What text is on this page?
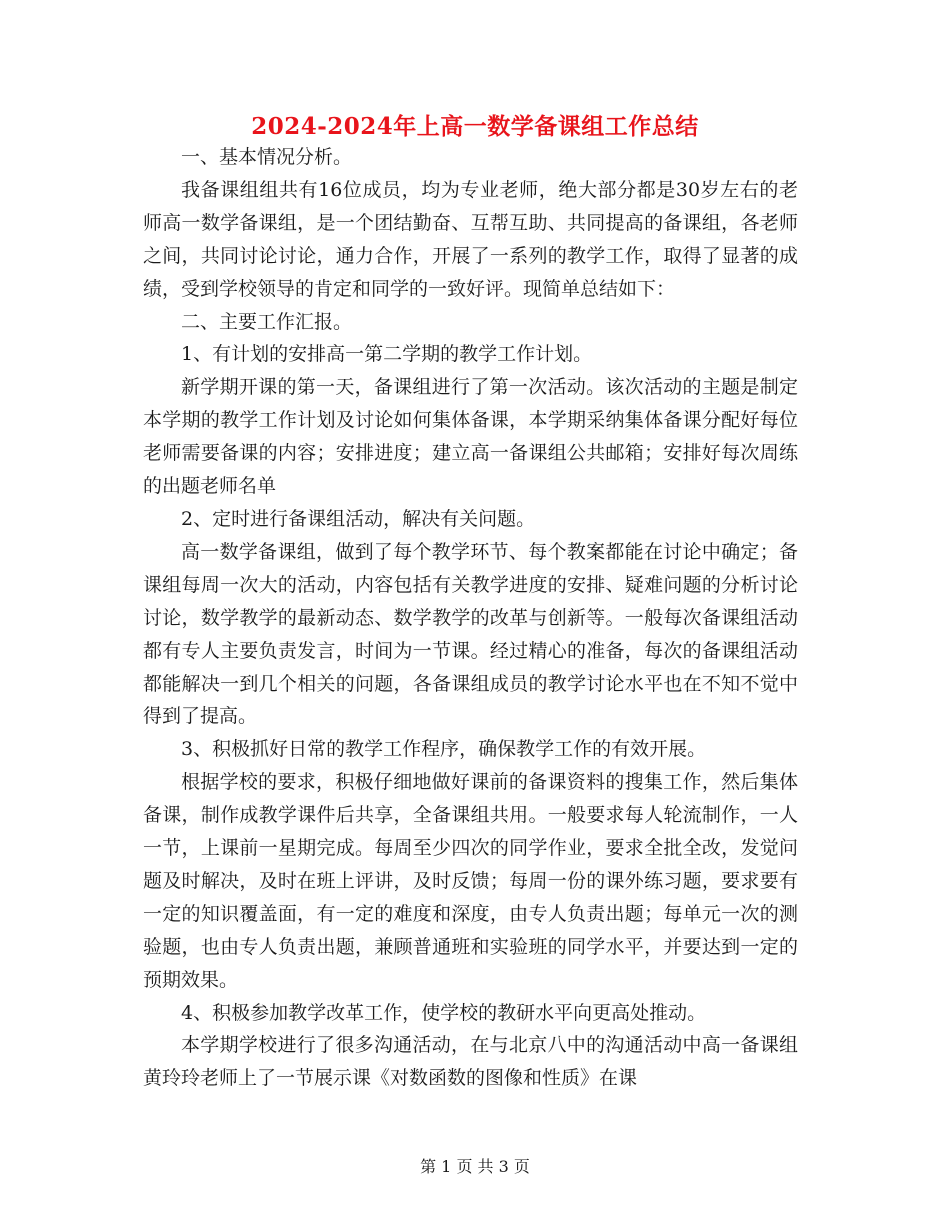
2024-2024年上高一数学备课组工作总结

一、基本情况分析。

我备课组组共有16位成员，均为专业老师，绝大部分都是30岁左右的老师高一数学备课组，是一个团结勤奋、互帮互助、共同提高的备课组，各老师之间，共同讨论讨论，通力合作，开展了一系列的教学工作，取得了显著的成绩，受到学校领导的肯定和同学的一致好评。现简单总结如下：

二、主要工作汇报。

1、有计划的安排高一第二学期的教学工作计划。

新学期开课的第一天，备课组进行了第一次活动。该次活动的主题是制定本学期的教学工作计划及讨论如何集体备课，本学期采纳集体备课分配好每位老师需要备课的内容；安排进度；建立高一备课组公共邮箱；安排好每次周练的出题老师名单

2、定时进行备课组活动，解决有关问题。

高一数学备课组，做到了每个教学环节、每个教案都能在讨论中确定；备课组每周一次大的活动，内容包括有关教学进度的安排、疑难问题的分析讨论讨论，数学教学的最新动态、数学教学的改革与创新等。一般每次备课组活动都有专人主要负责发言，时间为一节课。经过精心的准备，每次的备课组活动都能解决一到几个相关的问题，各备课组成员的教学讨论水平也在不知不觉中得到了提高。

3、积极抓好日常的教学工作程序，确保教学工作的有效开展。

根据学校的要求，积极仔细地做好课前的备课资料的搜集工作，然后集体备课，制作成教学课件后共享，全备课组共用。一般要求每人轮流制作，一人一节，上课前一星期完成。每周至少四次的同学作业，要求全批全改，发觉问题及时解决，及时在班上评讲，及时反馈；每周一份的课外练习题，要求要有一定的知识覆盖面，有一定的难度和深度，由专人负责出题；每单元一次的测验题，也由专人负责出题，兼顾普通班和实验班的同学水平，并要达到一定的预期效果。

4、积极参加教学改革工作，使学校的教研水平向更高处推动。

本学期学校进行了很多沟通活动，在与北京八中的沟通活动中高一备课组黄玲玲老师上了一节展示课《对数函数的图像和性质》在课

第 1 页 共 3 页
